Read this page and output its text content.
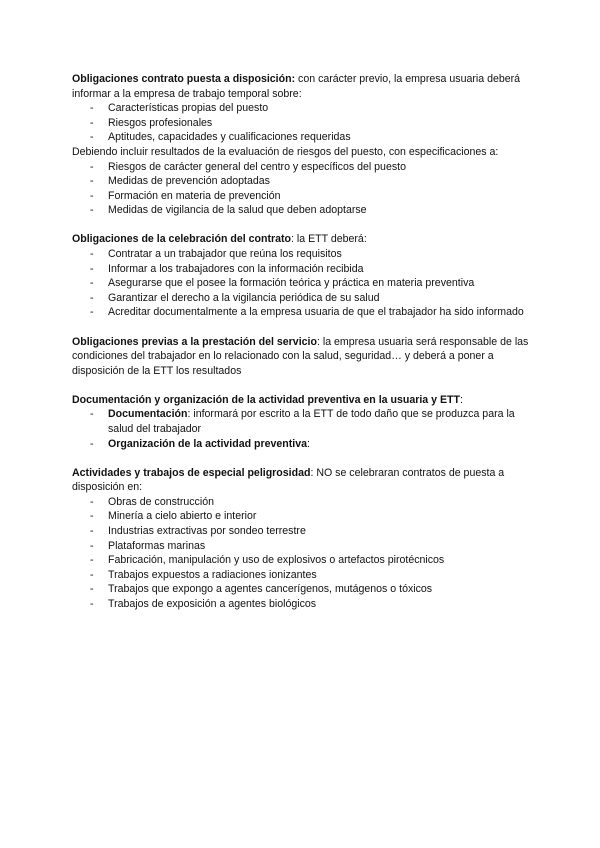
Obligaciones contrato puesta a disposición: con carácter previo, la empresa usuaria deberá informar a la empresa de trabajo temporal sobre:

- Características propias del puesto
- Riesgos profesionales
- Aptitudes, capacidades y cualificaciones requeridas

Debiendo incluir resultados de la evaluación de riesgos del puesto, con especificaciones a:

- Riesgos de carácter general del centro y específicos del puesto
- Medidas de prevención adoptadas
- Formación en materia de prevención
- Medidas de vigilancia de la salud que deben adoptarse

Obligaciones de la celebración del contrato: la ETT deberá:

- Contratar a un trabajador que reúna los requisitos
- Informar a los trabajadores con la información recibida
- Asegurarse que el posee la formación teórica y práctica en materia preventiva
- Garantizar el derecho a la vigilancia periódica de su salud
- Acreditar documentalmente a la empresa usuaria de que el trabajador ha sido informado

Obligaciones previas a la prestación del servicio: la empresa usuaria será responsable de las condiciones del trabajador en lo relacionado con la salud, seguridad… y deberá a poner a disposición de la ETT los resultados

Documentación y organización de la actividad preventiva en la usuaria y ETT:

- Documentación: informará por escrito a la ETT de todo daño que se produzca para la salud del trabajador
- Organización de la actividad preventiva:

Actividades y trabajos de especial peligrosidad: NO se celebraran contratos de puesta a disposición en:

- Obras de construcción
- Minería a cielo abierto e interior
- Industrias extractivas por sondeo terrestre
- Plataformas marinas
- Fabricación, manipulación y uso de explosivos o artefactos pirotécnicos
- Trabajos expuestos a radiaciones ionizantes
- Trabajos que expongo a agentes cancerígenos, mutágenos o tóxicos
- Trabajos de exposición a agentes biológicos
